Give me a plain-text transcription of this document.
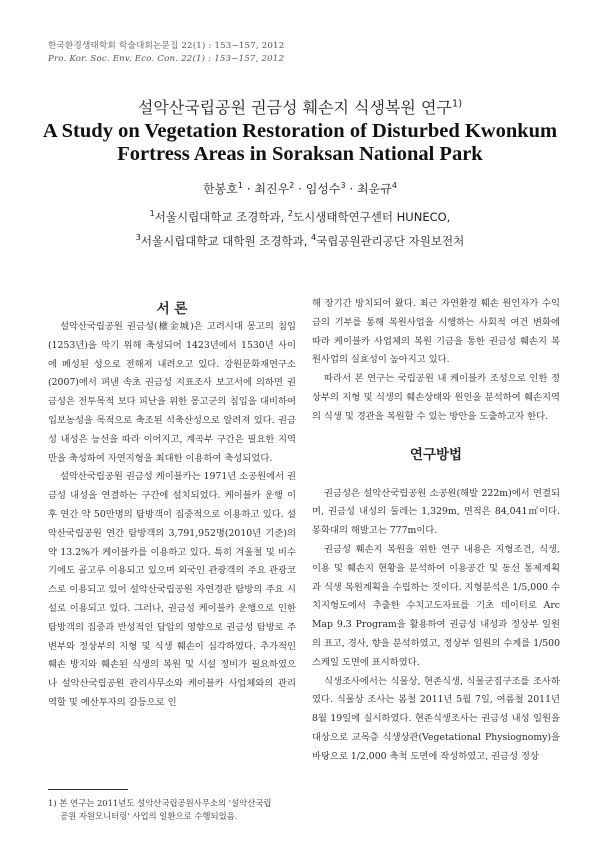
한국환경생태학회 학술대회논문집 22(1) : 153~157, 2012
Pro. Kor. Soc. Env. Eco. Con. 22(1) : 153~157, 2012
설악산국립공원 권금성 훼손지 식생복원 연구$^{1)}$
A Study on Vegetation Restoration of Disturbed Kwonkum
Fortress Areas in Soraksan National Park
한봉호$^1$ · 최진우$^2$ · 임성수$^3$ · 최운규$^4$
$^1$서울시립대학교 조경학과, $^2$도시생태학연구센터 HUNECO,
$^3$서울시립대학교 대학원 조경학과, $^4$국립공원관리공단 자원보전처
서 론

설악산국립공원 권금성(權金城)은 고려시대 몽고의 침입(1253년)을 막기 위해 축성되어 1423년에서 1530년 사이에 폐성된 성으로 전해져 내려오고 있다. 강원문화재연구소(2007)에서 펴낸 속초 권금성 지표조사 보고서에 의하면 권금성은 전투목적 보다 피난을 위한 몽고군의 침입을 대비하여 입보농성을 목적으로 축조된 석축산성으로 알려져 있다. 권금성 내성은 능선을 따라 이어지고, 계곡부 구간은 필요한 지역만을 축성하여 자연지형을 최대한 이용하여 축성되었다.

설악산국립공원 권금성 케이블카는 1971년 소공원에서 권금성 내성을 연결하는 구간에 설치되었다. 케이블카 운행 이후 연간 약 50만명의 탐방객이 집중적으로 이용하고 있다. 설악산국립공원 연간 탐방객의 3,791,952명(2010년 기준)의 약 13.2%가 케이블카를 이용하고 있다. 특히 겨울철 및 비수기에도 골고루 이용되고 있으며 외국인 관광객의 주요 관광코스로 이용되고 있어 설악산국립공원 자연경관 탐방의 주요 시설로 이용되고 있다. 그러나, 권금성 케이블카 운행으로 인한 탐방객의 집중과 반성적인 답압의 영향으로 권금성 탐방로 주변부와 정상부의 지형 및 식생 훼손이 심각하였다. 추가적인 훼손 방지와 훼손된 식생의 복원 및 시설 정비가 필요하였으나 설악산국립공원 관리사무소와 케이블카 사업체와의 관리역할 및 예산투자의 갈등으로 인

해 장기간 방치되어 왔다. 최근 자연환경 훼손 원인자가 수익금의 기부를 통해 복원사업을 시행하는 사회적 여건 변화에 따라 케이블카 사업체의 복원 기금을 통한 권금성 훼손지 복원사업의 실효성이 높아지고 있다.

따라서 본 연구는 국립공원 내 케이블카 조성으로 인한 정상부의 지형 및 식생의 훼손상태와 원인을 분석하여 훼손지역의 식생 및 경관을 복원할 수 있는 방안을 도출하고자 한다.

권금성은 설악산국립공원 소공원(해발 222m)에서 연결되며, 권금성 내성의 둘레는 1,329m, 면적은 84,041㎡이다. 봉화대의 해발고는 777m이다.

권금성 훼손지 복원을 위한 연구 내용은 지형조건, 식생, 이용 및 훼손지 현황을 분석하여 이용공간 및 동선 통제계획과 식생 복원계획을 수립하는 것이다. 지형분석은 1/5,000 수치지형도에서 추출한 수치고도자료를 기초 데이터로 Arc Map 9.3 Program을 활용하여 권금성 내성과 정상부 일원의 표고, 경사, 향을 분석하였고, 정상부 일원의 수계를 1/500 스케일 도면에 표시하였다.

식생조사에서는 식물상, 현존식생, 식물군집구조를 조사하였다. 식물상 조사는 봄철 2011년 5월 7일, 여름철 2011년 8월 19일에 실시하였다. 현존식생조사는 권금성 내성 일원을 대상으로 교목층 식생상관(Vegetational Physiognomy)을 바탕으로 1/2,000 축척 도면에 작성하였고, 권금성 정상

연구방법
1) 본 연구는 2011년도 설악산국립공원사무소의 '설악산국립
공원 자원모니터링' 사업의 일환으로 수행되었음.
